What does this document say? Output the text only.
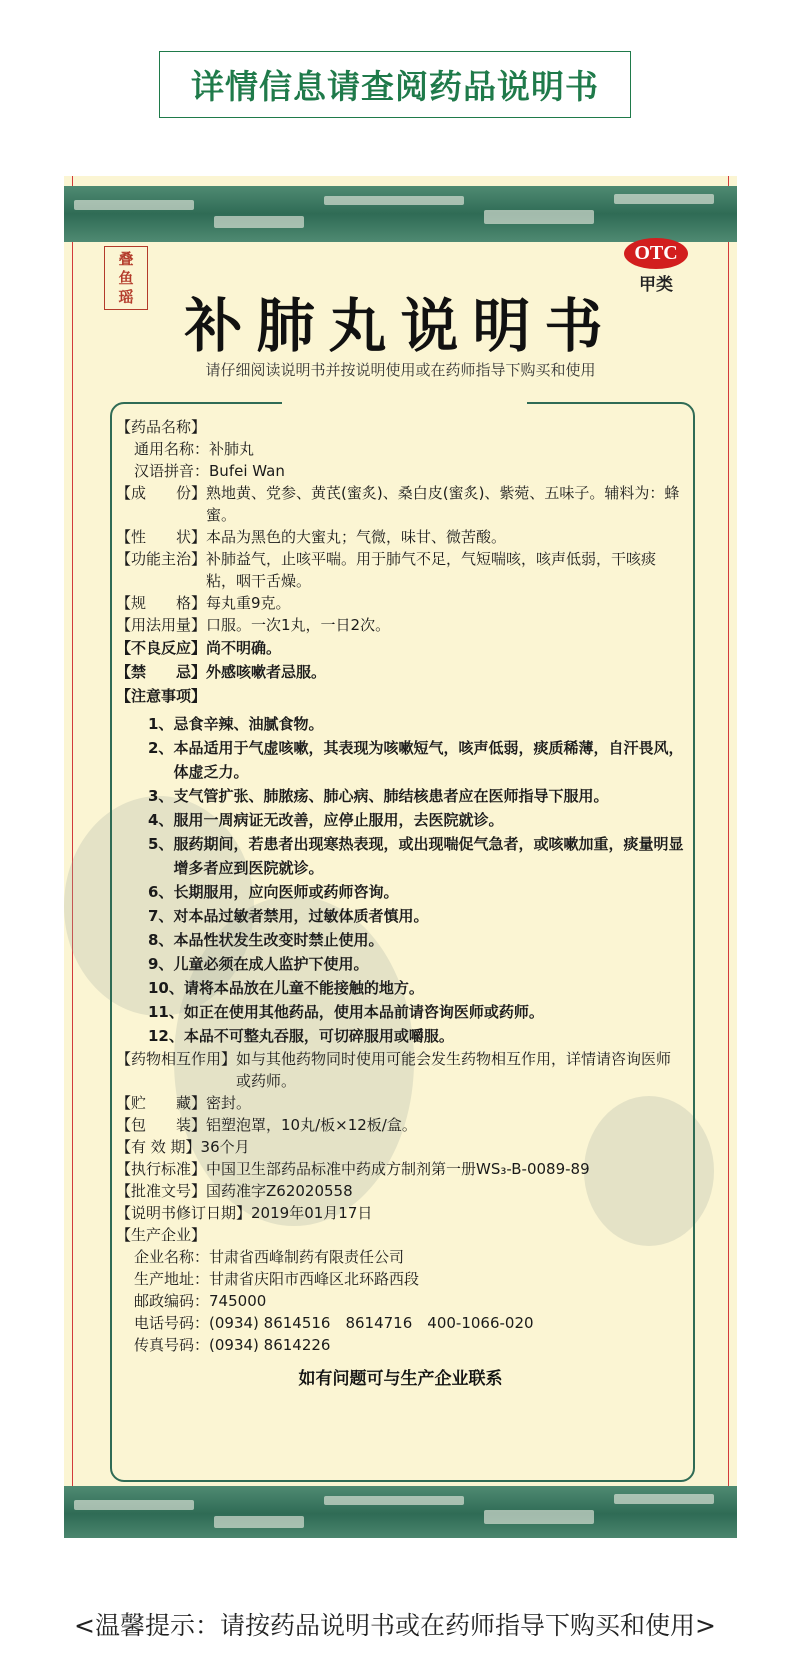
详情信息请查阅药品说明书
叠
鱼
瑶
OTC
甲类
补肺丸说明书
请仔细阅读说明书并按说明使用或在药师指导下购买和使用
【药品名称】
通用名称： 补肺丸
汉语拼音： Bufei Wan
【成　　份】 熟地黄、党参、黄芪(蜜炙)、桑白皮(蜜炙)、紫菀、五味子。辅料为：蜂蜜。
【性　　状】 本品为黑色的大蜜丸；气微，味甘、微苦酸。
【功能主治】 补肺益气，止咳平喘。用于肺气不足，气短喘咳，咳声低弱，干咳痰粘，咽干舌燥。
【规　　格】 每丸重9克。
【用法用量】 口服。一次1丸，一日2次。
【不良反应】 尚不明确。
【禁　　忌】 外感咳嗽者忌服。
【注意事项】
1、 忌食辛辣、油腻食物。
2、 本品适用于气虚咳嗽，其表现为咳嗽短气，咳声低弱，痰质稀薄，自汗畏风，体虚乏力。
3、 支气管扩张、肺脓疡、肺心病、肺结核患者应在医师指导下服用。
4、 服用一周病证无改善，应停止服用，去医院就诊。
5、 服药期间，若患者出现寒热表现，或出现喘促气急者，或咳嗽加重，痰量明显增多者应到医院就诊。
6、 长期服用，应向医师或药师咨询。
7、 对本品过敏者禁用，过敏体质者慎用。
8、 本品性状发生改变时禁止使用。
9、 儿童必须在成人监护下使用。
10、 请将本品放在儿童不能接触的地方。
11、 如正在使用其他药品，使用本品前请咨询医师或药师。
12、 本品不可整丸吞服，可切碎服用或嚼服。
【药物相互作用】 如与其他药物同时使用可能会发生药物相互作用，详情请咨询医师或药师。
【贮　　藏】 密封。
【包　　装】 铝塑泡罩，10丸/板×12板/盒。
【有 效 期】 36个月
【执行标准】 中国卫生部药品标准中药成方制剂第一册WS₃-B-0089-89
【批准文号】 国药准字Z62020558
【说明书修订日期】 2019年01月17日
【生产企业】
企业名称： 甘肃省西峰制药有限责任公司
生产地址： 甘肃省庆阳市西峰区北环路西段
邮政编码： 745000
电话号码： (0934) 8614516　8614716　400-1066-020
传真号码： (0934) 8614226
如有问题可与生产企业联系
<温馨提示：请按药品说明书或在药师指导下购买和使用>
